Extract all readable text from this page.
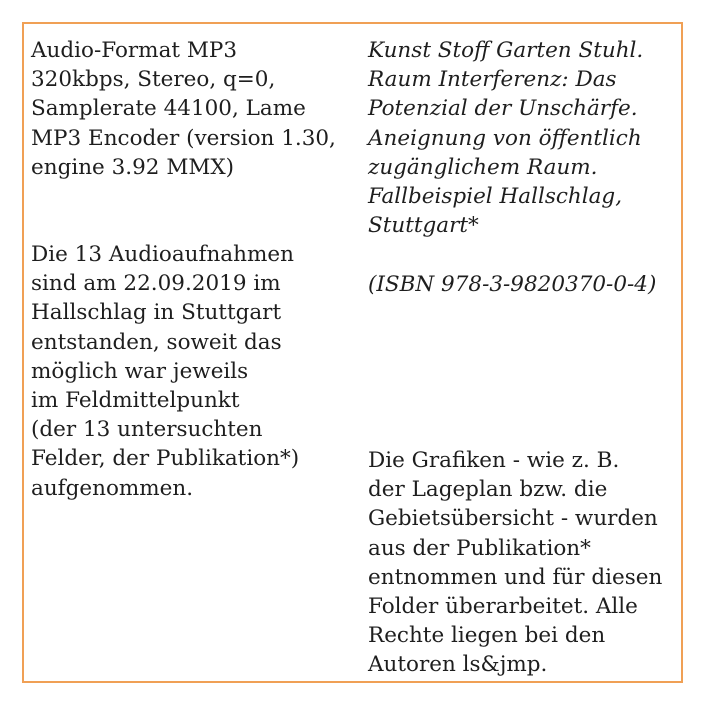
Audio-Format MP3
320kbps, Stereo, q=0,
Samplerate 44100, Lame
MP3 Encoder (version 1.30,
engine 3.92 MMX)
Die 13 Audioaufnahmen
sind am 22.09.2019 im
Hallschlag in Stuttgart
entstanden, soweit das
möglich war jeweils
im Feldmittelpunkt
(der 13 untersuchten
Felder, der Publikation*)
aufgenommen.
Kunst Stoff Garten Stuhl.
Raum Interferenz: Das
Potenzial der Unschärfe.
Aneignung von öffentlich
zugänglichem Raum.
Fallbeispiel Hallschlag,
Stuttgart*
(ISBN 978-3-9820370-0-4)
Die Grafiken - wie z. B.
der Lageplan bzw. die
Gebietsübersicht - wurden
aus der Publikation*
entnommen und für diesen
Folder überarbeitet. Alle
Rechte liegen bei den
Autoren ls&jmp.
